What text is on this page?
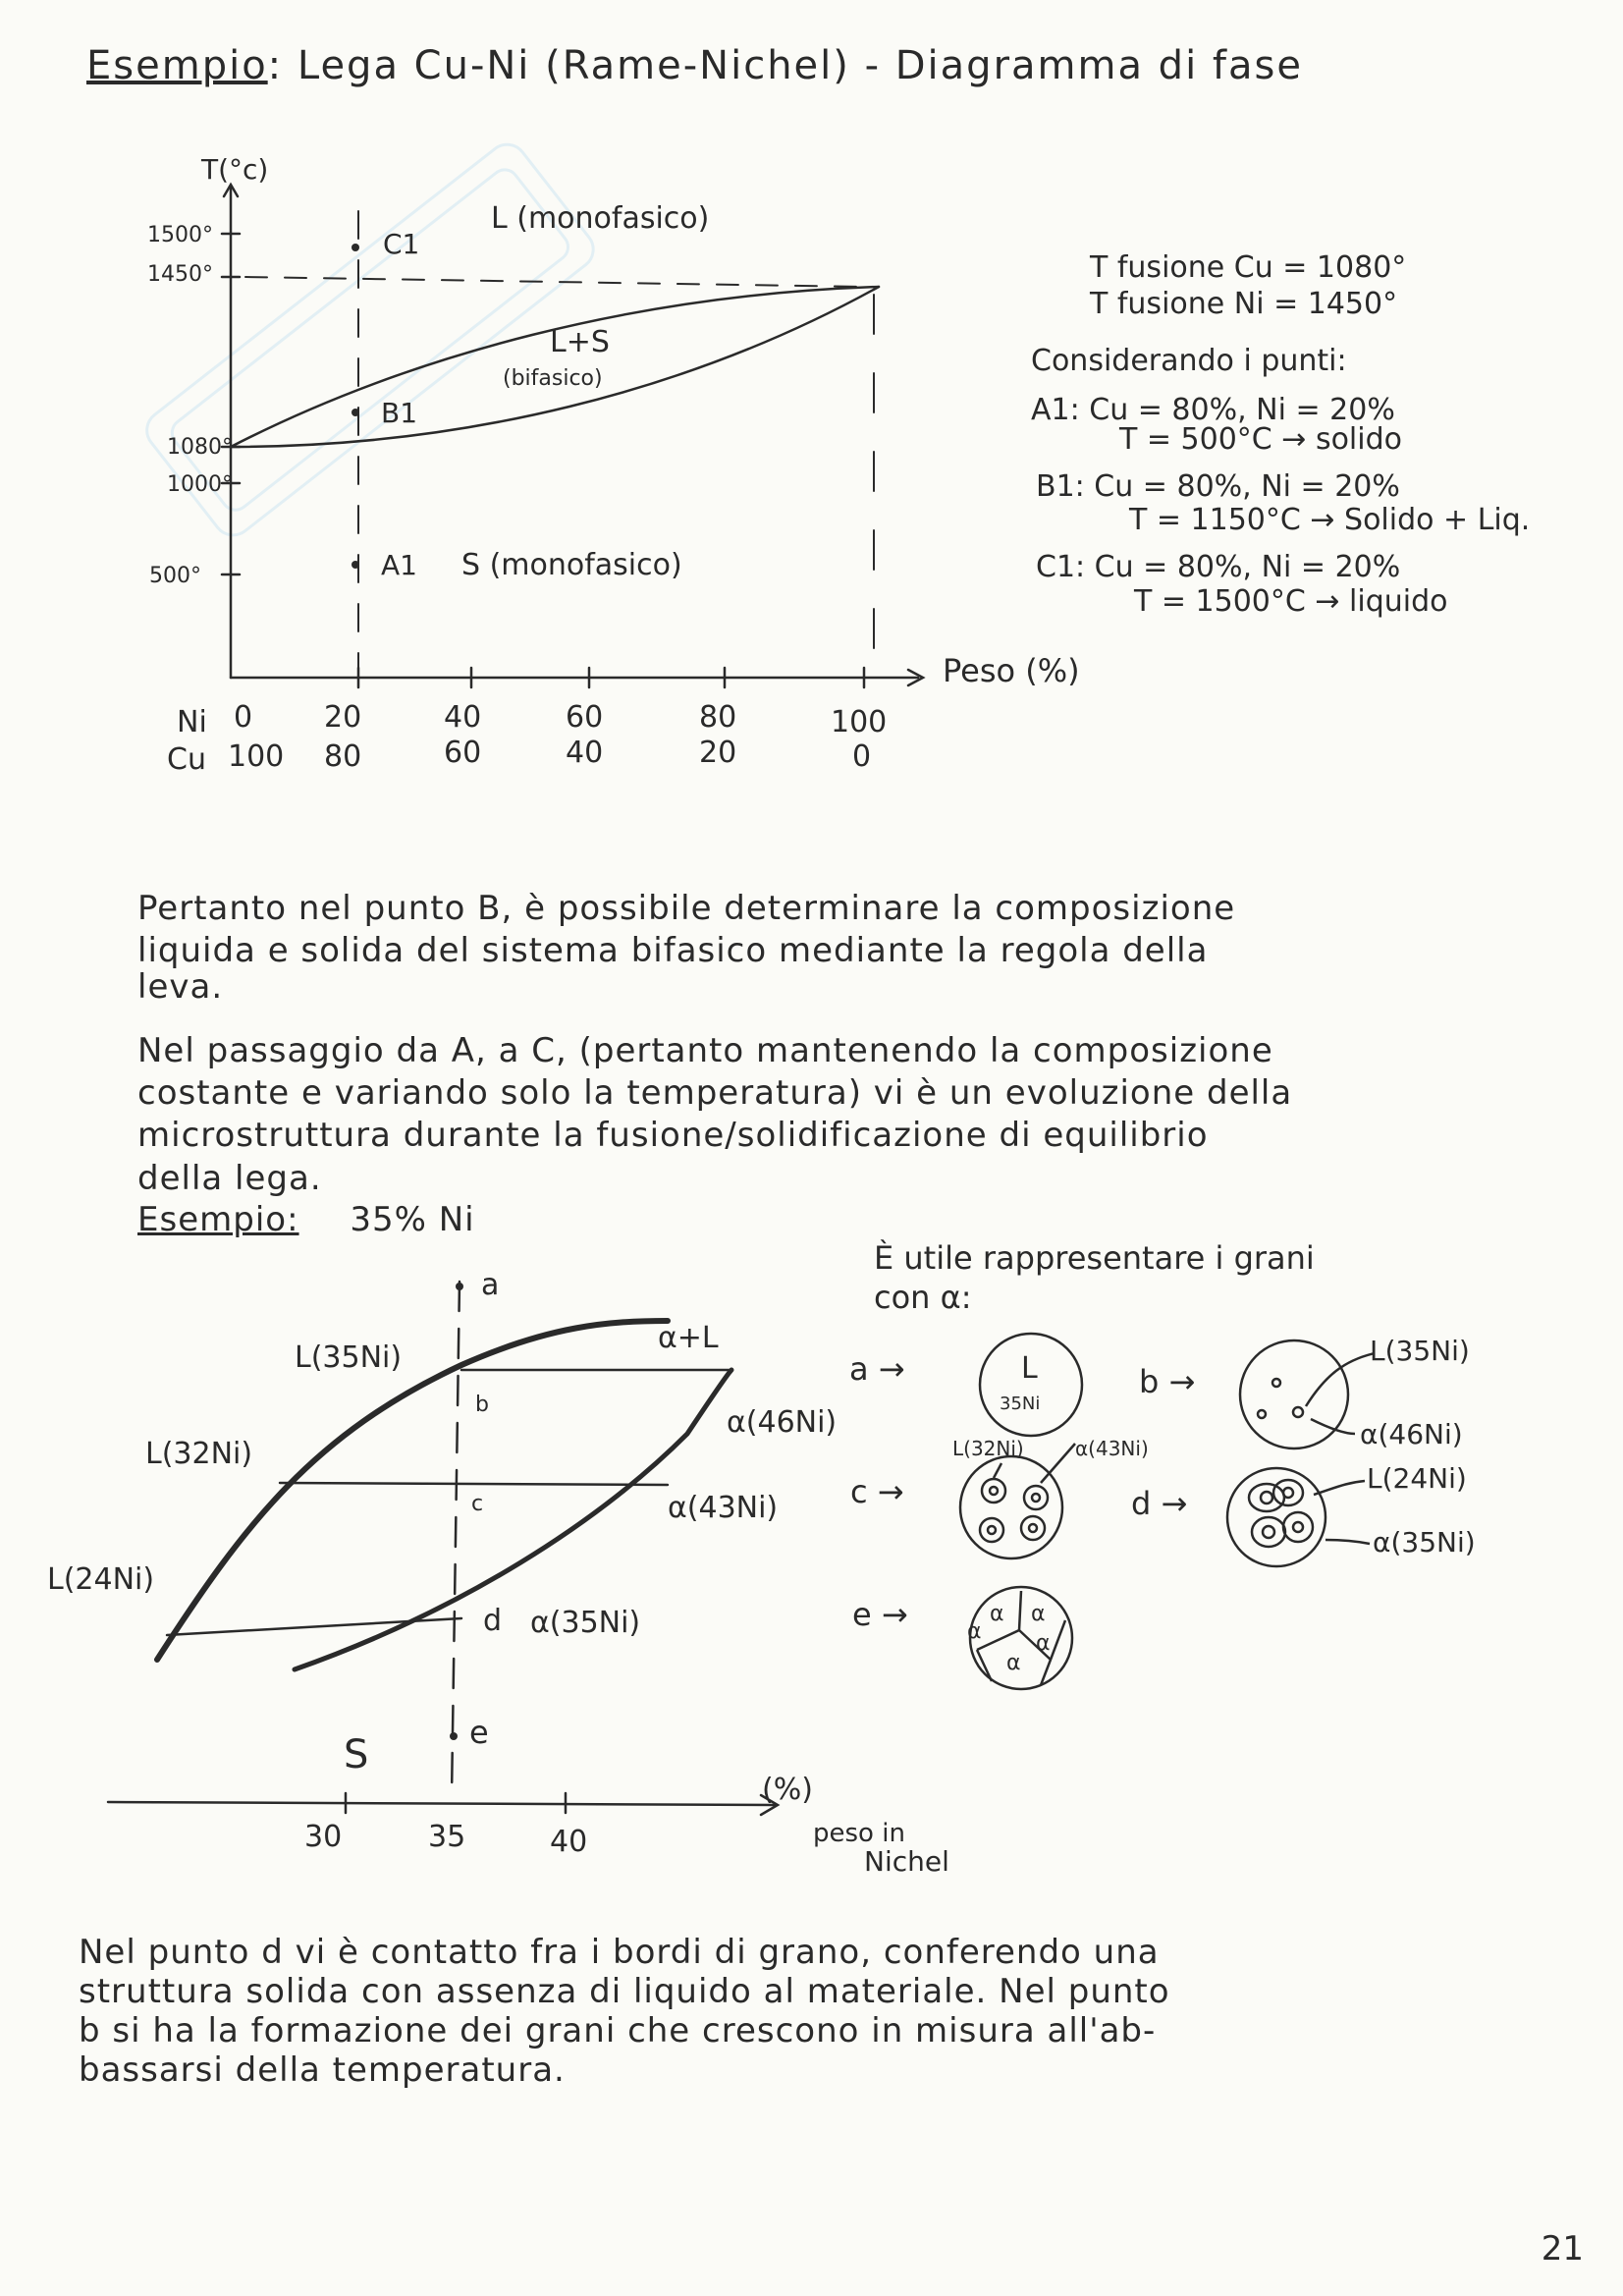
Esempio: Lega Cu-Ni (Rame-Nichel) - Diagramma di fase
1500°
1450°
1080°
1000°
500°
T(°c)
Peso (%)
L (monofasico)
L+S
(bifasico)
S (monofasico)
C1
B1
A1
Ni
Cu
0 20	40	60	80	100
100 80	60	40	20	0
T fusione Cu = 1080°
T fusione Ni = 1450°
Considerando i punti:
A1: Cu = 80%, Ni = 20%
T = 500°C → solido
B1: Cu = 80%, Ni = 20%
T = 1150°C → Solido + Liq.
C1: Cu = 80%, Ni = 20%
T = 1500°C → liquido
Pertanto nel punto B, è possibile determinare la composizione
liquida e solida del sistema bifasico mediante la regola della
leva.
Nel passaggio da A, a C, (pertanto mantenendo la composizione
costante e variando solo la temperatura) vi è un evoluzione della
microstruttura durante la fusione/solidificazione di equilibrio
della lega.
Esempio: 35% Ni
a
b
c
d
e
L(35Ni)
L(32Ni)
L(24Ni)
α+L
α(46Ni)
α(43Ni)
α(35Ni)
S
30	35	40
(%)
peso in
Nichel
È utile rappresentare i grani
con α:
a →	b →
c →	d →
e →
L
35Ni
L(35Ni)
α(46Ni)
L(32Ni)	α(43Ni)
L(24Ni)
α(35Ni)
α α
α	α
α
Nel punto d vi è contatto fra i bordi di grano, conferendo una
struttura solida con assenza di liquido al materiale. Nel punto
b si ha la formazione dei grani che crescono in misura all'ab-
bassarsi della temperatura.
21
